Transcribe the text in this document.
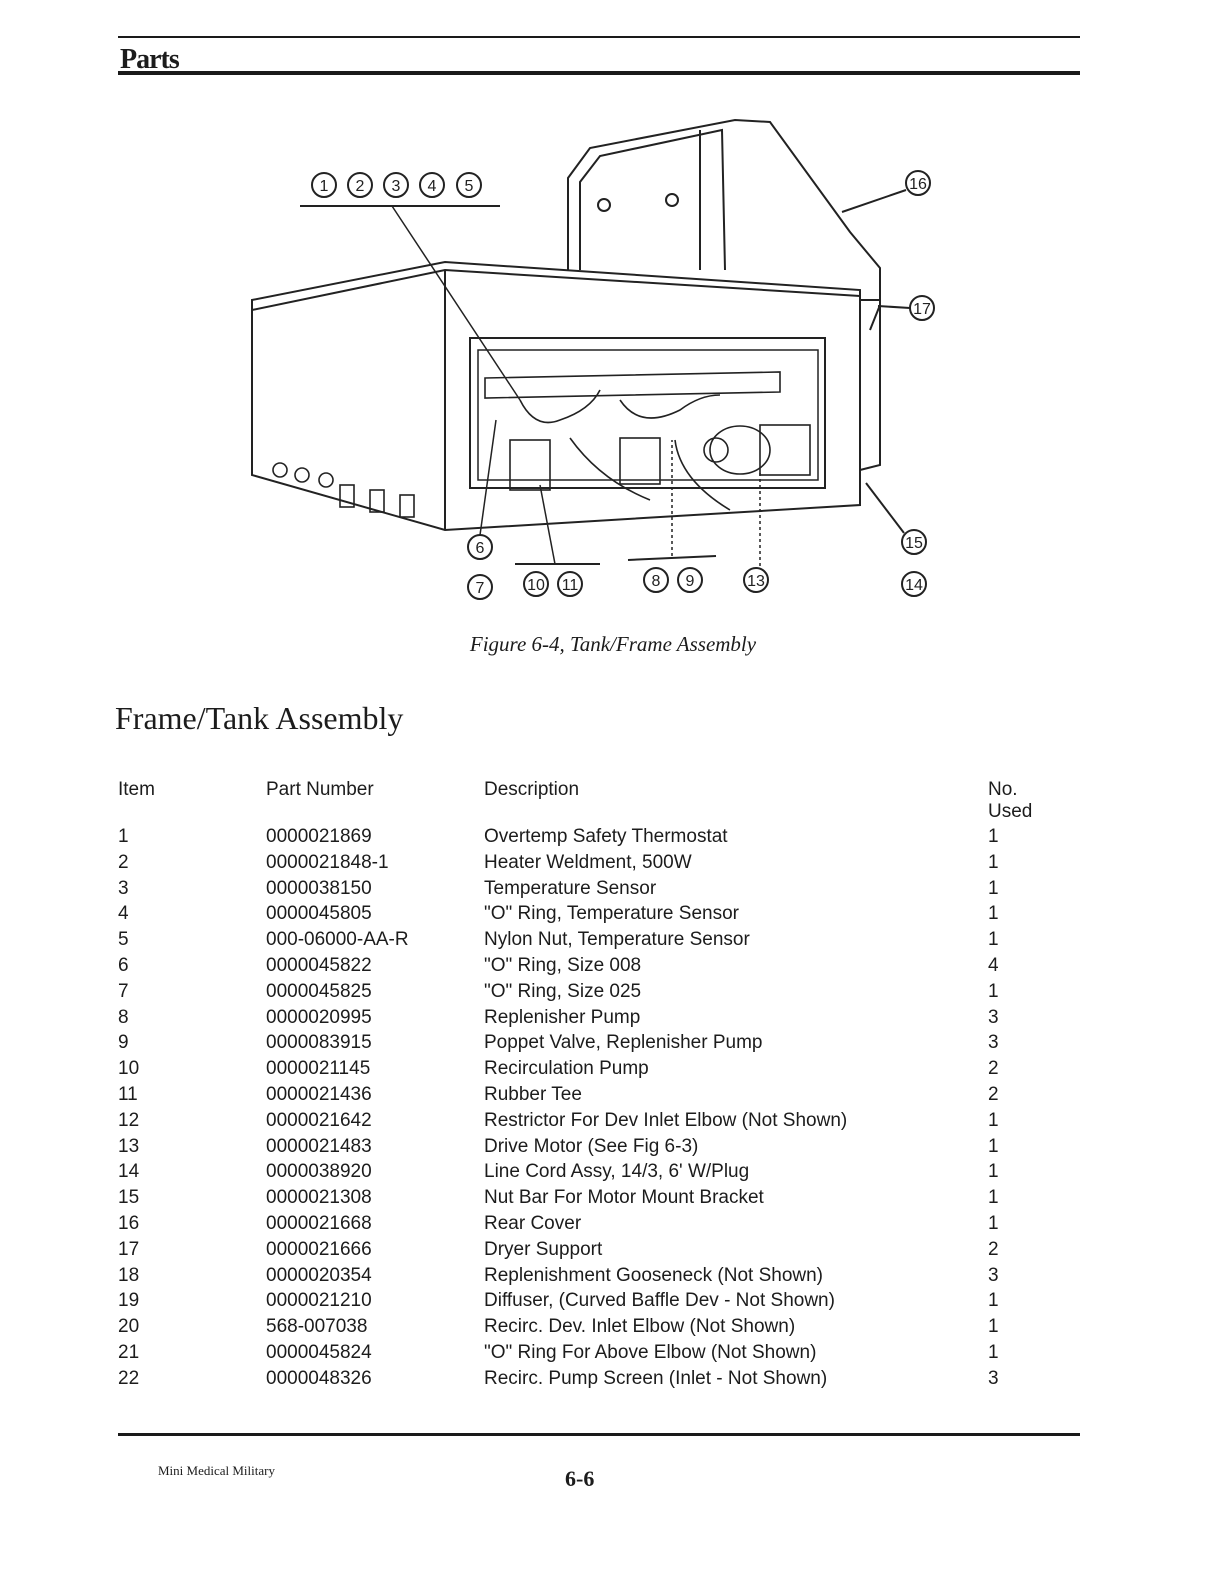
Parts
1 2 3 4 5
6
7	8 9
10 11	13	14
15
16
17
Figure 6-4, Tank/Frame Assembly
Frame/Tank Assembly
Item	Part Number	Description	No.
Used
1	0000021869	Overtemp Safety Thermostat	1
2	0000021848-1	Heater Weldment, 500W	1
3	0000038150	Temperature Sensor	1
4	0000045805	"O" Ring, Temperature Sensor	1
5	000-06000-AA-R	Nylon Nut, Temperature Sensor	1
6	0000045822	"O" Ring, Size 008	4
7	0000045825	"O" Ring, Size 025	1
8	0000020995	Replenisher Pump	3
9	0000083915	Poppet Valve, Replenisher Pump	3
10	0000021145	Recirculation Pump	2
11	0000021436	Rubber Tee	2
12	0000021642	Restrictor For Dev Inlet Elbow (Not Shown)	1
13	0000021483	Drive Motor (See Fig 6-3)	1
14	0000038920	Line Cord Assy, 14/3, 6' W/Plug	1
15	0000021308	Nut Bar For Motor Mount Bracket	1
16	0000021668	Rear Cover	1
17	0000021666	Dryer Support	2
18	0000020354	Replenishment Gooseneck (Not Shown)	3
19	0000021210	Diffuser, (Curved Baffle Dev - Not Shown)	1
20	568-007038	Recirc. Dev. Inlet Elbow (Not Shown)	1
21	0000045824	"O" Ring For Above Elbow (Not Shown)	1
22	0000048326	Recirc. Pump Screen (Inlet - Not Shown)	3
Mini Medical Military	6-6
